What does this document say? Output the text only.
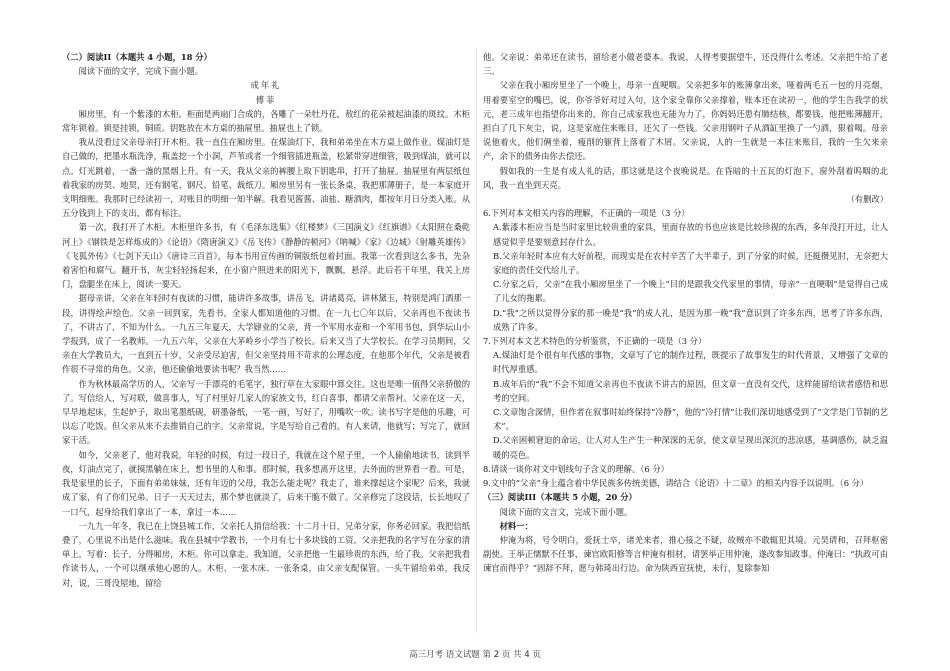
（二）阅读II（本题共 4 小题，18 分）

阅读下面的文字，完成下面小题。

成年礼

傅菲

厢房里，有一个紫漆的木柜。柜面是两扇门合成的，各雕了一朵牡丹花，敖红的花朵被起油漆的斑纹。木柜常年锁着。锁是挂锁，铜质。钥匙放在木方桌的抽屉里。抽屉也上了锁。

我从没看过父亲母亲打开木柜。我一直住在厢房里。在煤油灯下，我和弟弟坐在木方桌上做作业。煤油灯是自己做的，把墨水瓶洗净，瓶盖挖一个小洞，芦苇或者一个细管插进瓶盖，松紧带穿进细管，吸到煤油，就可以点。灯光跳着，一盏一盏的黑烟上升。有一天，我从父亲的裤腰上取下钥匙串，打开了抽屉。抽屉里有两层纸包着我家的房契、地契，还有钢笔、钢尺、铅笔、裁纸刀。厢房里另有一张长条桌，我把那薄册子，是一本家庭开支明细账。我那时已经读初一，对账目的明细一知半解。我看见酱酱、油盐、糖酒肉，都按年月日分类入账。从五分钱到上下的支出，都有标注。

第一次，我打开了木柜。木柜里许多书，有《毛泽东选集》《红楼梦》《三国演义》《红旗谱》《太阳照在桑乾河上》《钢铁是怎样炼成的》《论语》《隋唐演义》《岳飞传》《静静的顿河》《呐喊》《家》《边城》《射雕英雄传》《飞狐外传》《七剑下天山》《唐诗三百首》，每本书用宣传画的铜版纸包着封面。我第一次看到这么多书，先杂着害怕和腐气。翻开书，灰尘轻轻扬起来，在小窗户照进来的阳光下，飘飘，悬浮。此后若干年里，我关上房门，盘腿坐在床上，阅读一要天。

据母亲讲，父亲在年轻时有夜读的习惯，能讲许多故事，讲岳飞，讲诸葛亮，讲林黛玉，特别是鸿门酒那一段，讲得绘声绘色。父亲一回到家，先看书，全家人都知道他的习惯。在一九七〇年以后，父亲再也不夜读书了，不讲古了，不知为什么。一九五三年夏天，大学肄业的父亲，背一个军用水壶和一个军用书包，到华坛山小学报到，成了一名教师。一九五六年，父亲在大茅岭乡小学当了校长。后来又当了大学校长。在学习员期间，父亲在大学教员大，一直到五十岁，父亲受尽迫害，但父亲坚持用不苛求的公理态度，在他那个年代，父亲是被看作很不寻常的角色。父亲，他还偷偷地要读书呢？我当然……

作为秋林最高学历的人，父亲写一手漂亮的毛笔字，独行草在大家眼中算交往。这也是唯一值得父亲骄傲的了。写信给人，写对联，做喜事人，写了村里好几家人的家族文书，红白喜事，都请父亲帮衬。父亲在这一天，早早地起床，生起炉子，取出笔墨纸砚，研墨备纸，一笔一画，写好了，用嘴吹一吹。读书写字是他的乐趣，可以忘了吃饭。但父亲从来不去推销自己的字。父亲常说，字是写给自己看的。有人来请，他就写；写完了，就回家干活。

如今，父亲老了，他对我说，年轻的时候，有过一段日子，我就在这个屋子里，一个人偷偷地读书，读到半夜，灯油点完了，就摸黑躺在床上，想书里的人和事。那时候，我多想离开这里，去外面的世界看一看。可是，我是家里的长子，下面有弟弟妹妹，还有年迈的父母，我怎么能走呢？我走了，谁来撑起这个家呢？后来，我就成了家，有了你们兄弟。日子一天天过去，那个梦也就淡了，后来干脆不做了。父亲修完了这段话，长长地叹了一口气，起身给我们拿出了一本，拿过一本……

一九九一年冬，我已在上饶县城工作，父亲托人捎信给我：十二月十日，兄弟分家，你务必回家。我把信纸叠了，心里说不出是什么滋味。我在县城中学教书，一个月有七十多块钱的工资。父亲把我的名字写在分家的清单上，写着：长子，分得厢房，木柜。你可以拿走。我知道，父亲把他一生最珍贵的东西，给了我。父亲把我看作读书人，一个可以继承他心愿的人。木柜、一张木床、一张条桌，由父亲支配保管。一头牛留给弟弟，我反对，说，三哥没屋地，留给

他。父亲说：弟弟还在读书，留给老小做老婆本。我说，人得考要据望牛，还没得什么考述。父亲把牛给了老三。

父亲在我小厢房里坐了一个晚上，母亲一直哽咽。父亲把多年的账簿拿出来，哑着两毛五一包的月亮烟，用着要室空的嘴巴，说，你爷爷好对过入句，这个家全靠你父亲撑着，账本还在读初一，他的学生告我学的状元，老三成年也指望你出来的，你自己成家我也无能为力了，你妈妈还患有肺结核，都要钱，他把账簿翻开，担白了几下灰尘，说，这是家庭住来账目，还欠了一些钱。父亲用钢叶子从酒缸里换了一勺酒，狠着喝。母亲说他着火，他们俩坐着，瘦削的躯背上落着了木屑。父亲说，人的一生就是一本往来账目，我的一生欠来亲产，余下的债务由你去偿还。

假如我的一生是有成人礼的话，那这就是这个夜晚说是。在昏暗的十五瓦的灯泡下，窗外刮着呜咽的北风，我一直坐到天亮。

（有删改）

6.下列对本文相关内容的理解，不正确的一项是（3 分）

A.紫漆木柜应当是当时家里比较贵重的家具，里面存放的书也应该是比较珍视的东西，多年没打开过，让人感觉似乎是要刻意封存什么。

B.父亲年轻时本应有大好前程，而现实是在农村辛苦了大半辈子，到了分家的时候，还挺攒见肘，无奈把大家庭的责任交代给儿子。

C.分家之后，父亲“在我小厢房里坐了一个晚上”目的是跟我交代家里的事情，母亲“一直哽咽”是觉得自己成了儿女的拖累。

D.“我”之所以觉得分家的那一晚是“我”的成人礼，是因为那一晚“我”意识到了许多东西，思考了许多东西，成熟了许多。

7.下列对本文艺术特色的分析鉴赏，不正确的一项是（3 分）

A.煤油灯是个很有年代感的事物，文章写了它的制作过程，既提示了故事发生的时代背景，又增强了文章的时代厚重感。

B.成年后的“我”不会不知道父亲再也不夜读不讲古的原因，但文章一直没有交代，这样能留给读者感悟和思考的空间。

C.文章饱含深情，但作者在叙事时始终保持“冷静”，他的“冷打情”让我们深切地感受到了“文学是门节制的艺术”。

D.父亲困顿窘迫的命运，让人对人生产生一种深深的无奈，使文章呈现出深沉的悲凉感，基调感伤，缺乏温暖的亮色。

8.请谈一谈你对文中划线句子含义的理解。（6 分）

9.文中的“父亲”身上蕴含着中华民族多传统美德，请结合《论语》十二章》的相关内容予以说明。（6 分）

（三）阅读III（本题共 5 小题，20 分）

阅读下面的文言文，完成下面小题。

材料一：

仲淹为将，号令明白，爱抚士卒，诸羌来者，推心接之不疑，故贼亦不敢辄犯其境。元昊请和，召拜枢密副使。王举正懦默不任事，谏官欧阳修等言仲淹有相材，请罢举正用仲淹，遂改参知政事。仲淹曰：“执政可由谏官而得乎？”固辞不拜，愿与韩琦出行边。命为陕西宣抚使，未行，复除参知

高三月考 语文试题 第 2 页 共 4 页
